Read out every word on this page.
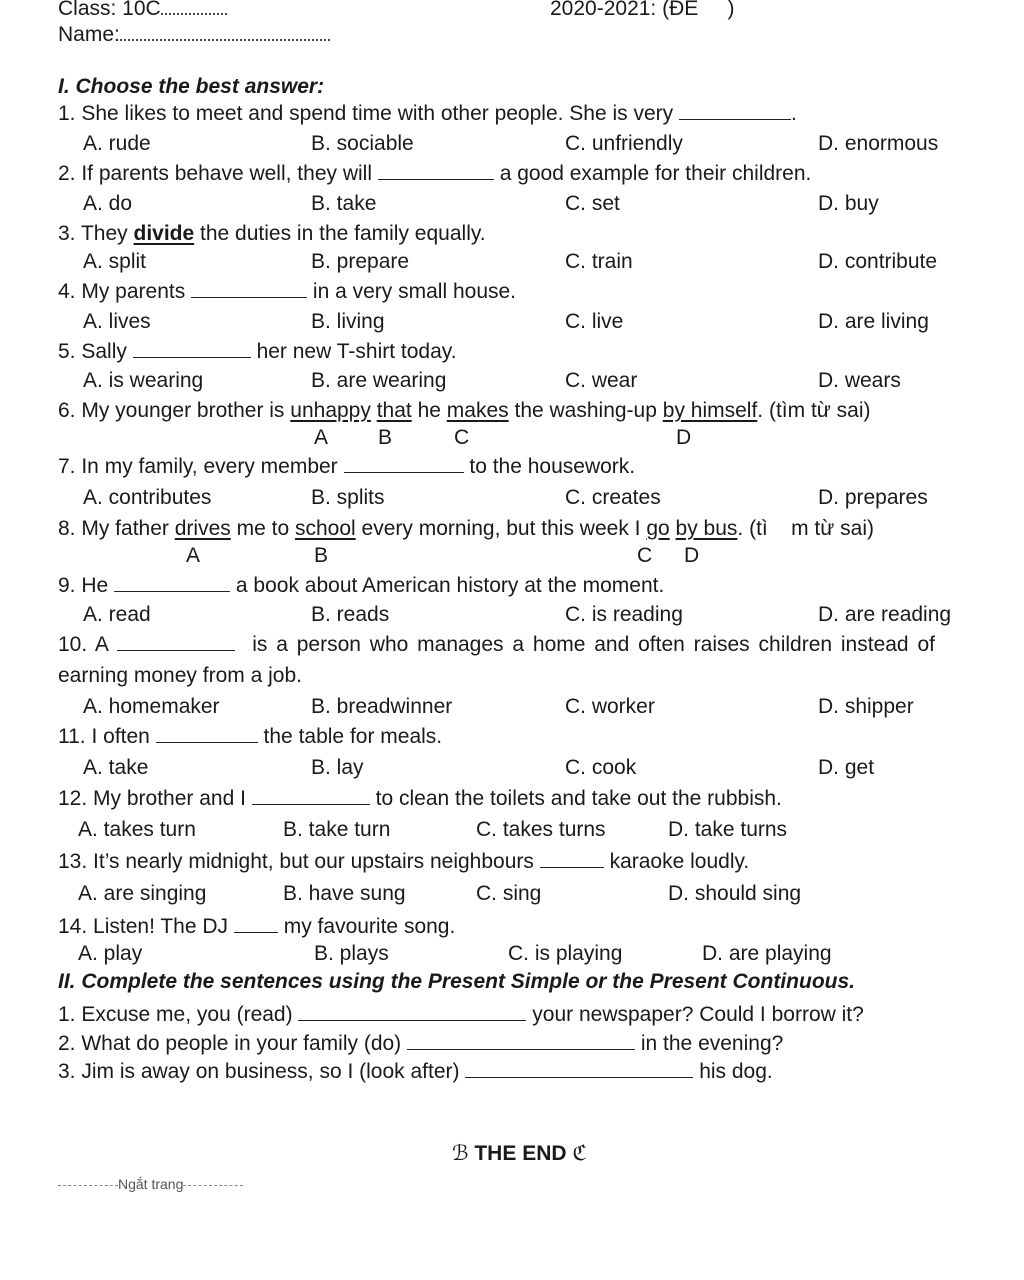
Class: 10C	2020-2021: (ĐE )
Name:
I. Choose the best answer:
1. She likes to meet and spend time with other people. She is very	.
A. rude	B. sociable	C. unfriendly	D. enormous
2. If parents behave well, they will	a good example for their children.
A. do	B. take	C. set	D. buy
3. They divide the duties in the family equally.
A. split	B. prepare	C. train	D. contribute
4. My parents	in a very small house.
A. lives	B. living	C. live	D. are living
5. Sally	her new T-shirt today.
A. is wearing	B. are wearing	C. wear	D. wears
6. My younger brother is unhappy that he makes the washing-up by himself. (tìm từ sai)
A B	C	D
7. In my family, every member	to the housework.
A. contributes	B. splits	C. creates	D. prepares
8. My father drives me to school every morning, but this week I go by bus. (tì m từ sai)
A	B	C D
9. He	a book about American history at the moment.
A. read	B. reads	C. is reading	D. are reading
10. A	is a person who manages a home and often raises children instead of
earning money from a job.
A. homemaker	B. breadwinner	C. worker	D. shipper
11. I often	the table for meals.
A. take	B. lay	C. cook	D. get
12. My brother and I	to clean the toilets and take out the rubbish.
A. takes turn	B. take turn	C. takes turns	D. take turns
13. It’s nearly midnight, but our upstairs neighbours	karaoke loudly.
A. are singing	B. have sung	C. sing	D. should sing
14. Listen! The DJ	my favourite song.
A. play	B. plays	C. is playing	D. are playing
II. Complete the sentences using the Present Simple or the Present Continuous.
1. Excuse me, you (read)	your newspaper? Could I borrow it?
2. What do people in your family (do)	in the evening?
3. Jim is away on business, so I (look after)	his dog.
ℬ THE END ℭ
Ngắt trang
